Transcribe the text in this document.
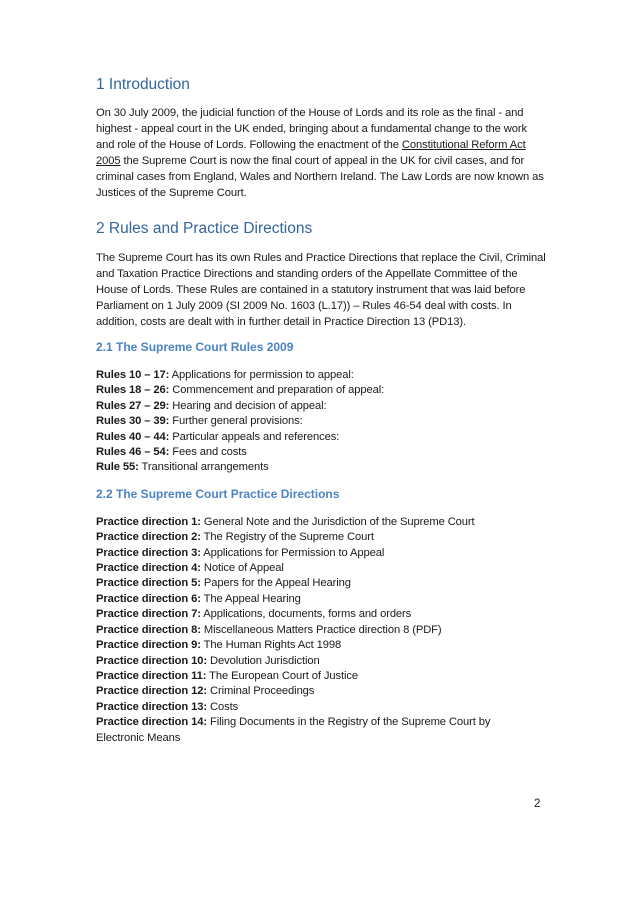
1 Introduction

On 30 July 2009, the judicial function of the House of Lords and its role as the final - and highest - appeal court in the UK ended, bringing about a fundamental change to the work and role of the House of Lords. Following the enactment of the Constitutional Reform Act 2005 the Supreme Court is now the final court of appeal in the UK for civil cases, and for criminal cases from England, Wales and Northern Ireland. The Law Lords are now known as Justices of the Supreme Court.

2 Rules and Practice Directions

The Supreme Court has its own Rules and Practice Directions that replace the Civil, Criminal and Taxation Practice Directions and standing orders of the Appellate Committee of the House of Lords. These Rules are contained in a statutory instrument that was laid before Parliament on 1 July 2009 (SI 2009 No. 1603 (L.17)) – Rules 46-54 deal with costs. In addition, costs are dealt with in further detail in Practice Direction 13 (PD13).

2.1 The Supreme Court Rules 2009
Rules 10 – 17: Applications for permission to appeal:
Rules 18 – 26: Commencement and preparation of appeal:
Rules 27 – 29: Hearing and decision of appeal:
Rules 30 – 39: Further general provisions:
Rules 40 – 44: Particular appeals and references:
Rules 46 – 54: Fees and costs
Rule 55: Transitional arrangements
2.2 The Supreme Court Practice Directions
Practice direction 1: General Note and the Jurisdiction of the Supreme Court
Practice direction 2: The Registry of the Supreme Court
Practice direction 3: Applications for Permission to Appeal
Practice direction 4: Notice of Appeal
Practice direction 5: Papers for the Appeal Hearing
Practice direction 6: The Appeal Hearing
Practice direction 7: Applications, documents, forms and orders
Practice direction 8: Miscellaneous Matters Practice direction 8 (PDF)
Practice direction 9: The Human Rights Act 1998
Practice direction 10: Devolution Jurisdiction
Practice direction 11: The European Court of Justice
Practice direction 12: Criminal Proceedings
Practice direction 13: Costs
Practice direction 14: Filing Documents in the Registry of the Supreme Court by
Electronic Means
2
